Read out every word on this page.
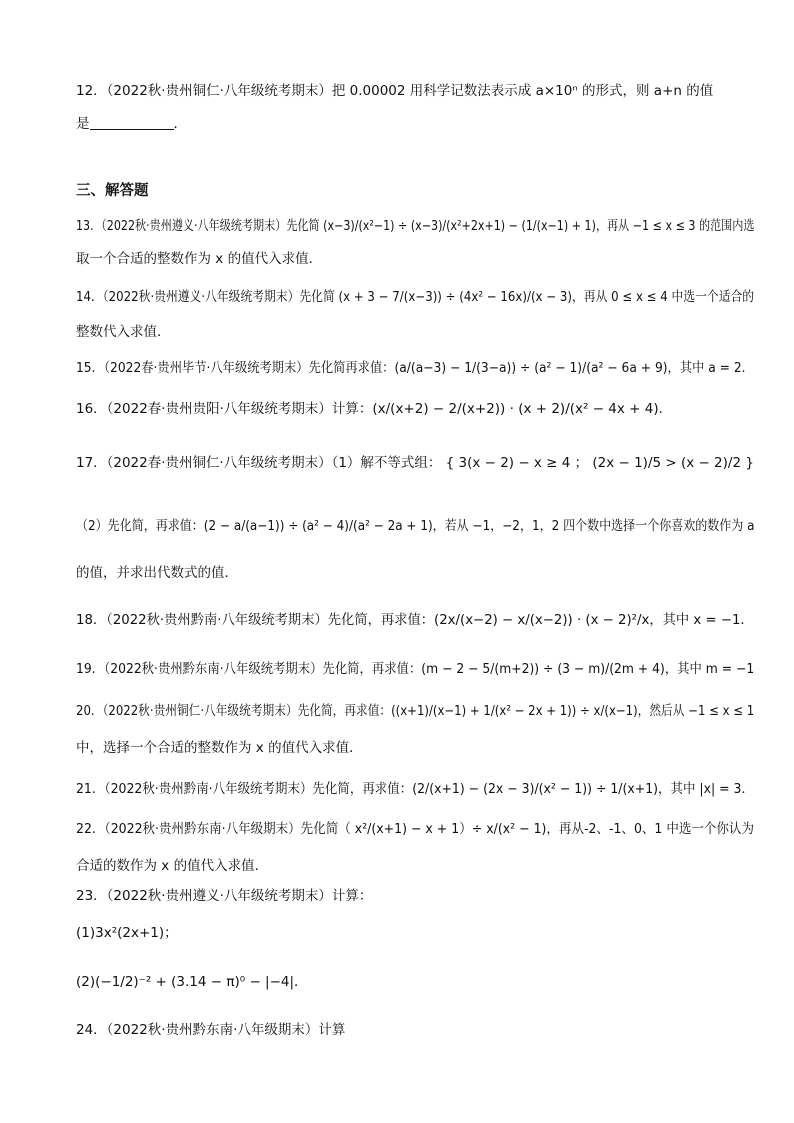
12．（2022秋·贵州铜仁·八年级统考期末）把 0.00002 用科学记数法表示成 a×10ⁿ 的形式，则 a+n 的值
是	．
三、解答题
13．（2022秋·贵州遵义·八年级统考期末）先化简 (x−3)/(x²−1) ÷ (x−3)/(x²+2x+1) − (1/(x−1) + 1)，再从 −1 ≤ x ≤ 3 的范围内选
取一个合适的整数作为 x 的值代入求值．
14．（2022秋·贵州遵义·八年级统考期末）先化简 (x + 3 − 7/(x−3)) ÷ (4x² − 16x)/(x − 3)，再从 0 ≤ x ≤ 4 中选一个适合的
整数代入求值．
15．（2022春·贵州毕节·八年级统考期末）先化简再求值：(a/(a−3) − 1/(3−a)) ÷ (a² − 1)/(a² − 6a + 9)，其中 a = 2．
16．（2022春·贵州贵阳·八年级统考期末）计算：(x/(x+2) − 2/(x+2)) · (x + 2)/(x² − 4x + 4)．
17．（2022春·贵州铜仁·八年级统考期末）（1）解不等式组： { 3(x − 2) − x ≥ 4 ； (2x − 1)/5 > (x − 2)/2 }
（2）先化简，再求值：(2 − a/(a−1)) ÷ (a² − 4)/(a² − 2a + 1)，若从 −1，−2，1，2 四个数中选择一个你喜欢的数作为 a
的值，并求出代数式的值．
18．（2022秋·贵州黔南·八年级统考期末）先化简，再求值：(2x/(x−2) − x/(x−2)) · (x − 2)²/x，其中 x = −1．
19．（2022秋·贵州黔东南·八年级统考期末）先化简，再求值：(m − 2 − 5/(m+2)) ÷ (3 − m)/(2m + 4)，其中 m = −1
20．（2022秋·贵州铜仁·八年级统考期末）先化简，再求值：((x+1)/(x−1) + 1/(x² − 2x + 1)) ÷ x/(x−1)，然后从 −1 ≤ x ≤ 1
中，选择一个合适的整数作为 x 的值代入求值．
21．（2022秋·贵州黔南·八年级统考期末）先化简，再求值：(2/(x+1) − (2x − 3)/(x² − 1)) ÷ 1/(x+1)，其中 |x| = 3．
22．（2022秋·贵州黔东南·八年级期末）先化简（ x²/(x+1) − x + 1）÷ x/(x² − 1)，再从-2、-1、0、1 中选一个你认为
合适的数作为 x 的值代入求值．
23．（2022秋·贵州遵义·八年级统考期末）计算：
(1)3x²(2x+1)；
(2)(−1/2)⁻² + (3.14 − π)⁰ − |−4|．
24．（2022秋·贵州黔东南·八年级期末）计算
